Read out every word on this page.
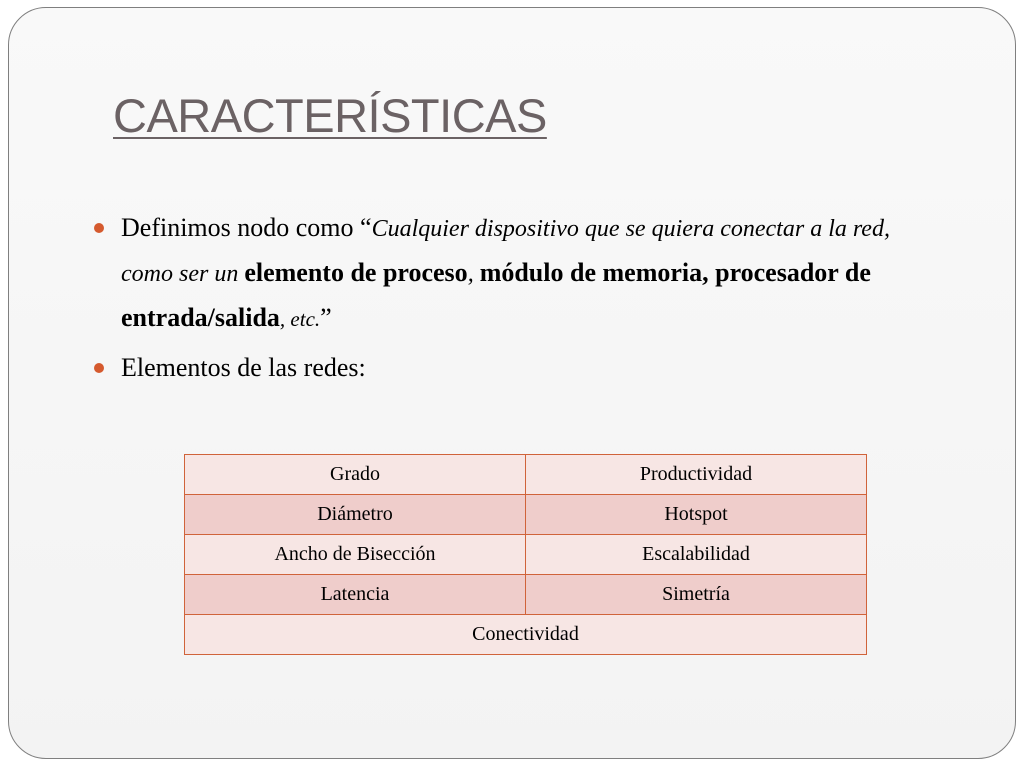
CARACTERÍSTICAS
Definimos nodo como “Cualquier dispositivo que se quiera conectar a la red, como ser un elemento de proceso, módulo de memoria, procesador de entrada/salida, etc.”
Elementos de las redes:
Grado	Productividad
Diámetro	Hotspot
Ancho de Bisección	Escalabilidad
Latencia	Simetría
Conectividad	
